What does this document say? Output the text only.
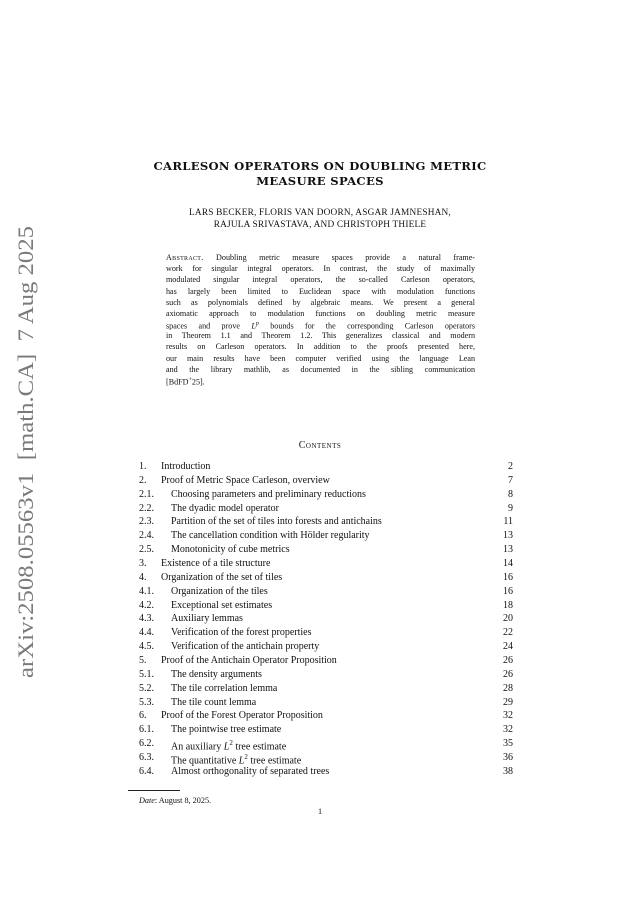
arXiv:2508.05563v1  [math.CA]  7 Aug 2025
CARLESON OPERATORS ON DOUBLING METRIC
MEASURE SPACES
LARS BECKER, FLORIS VAN DOORN, ASGAR JAMNESHAN,
RAJULA SRIVASTAVA, AND CHRISTOPH THIELE
Abstract. Doubling metric measure spaces provide a natural frame-
work for singular integral operators. In contrast, the study of maximally
modulated singular integral operators, the so-called Carleson operators,
has largely been limited to Euclidean space with modulation functions
such as polynomials defined by algebraic means. We present a general
axiomatic approach to modulation functions on doubling metric measure
spaces and prove $L^p$ bounds for the corresponding Carleson operators
in Theorem 1.1 and Theorem 1.2. This generalizes classical and modern
results on Carleson operators. In addition to the proofs presented here,
our main results have been computer verified using the language Lean
and the library mathlib, as documented in the sibling communication
[BdFD+25].
Contents
1. Introduction	2
2. Proof of Metric Space Carleson, overview	7
2.1. Choosing parameters and preliminary reductions	8
2.2. The dyadic model operator	9
2.3. Partition of the set of tiles into forests and antichains	11
2.4. The cancellation condition with Hölder regularity	13
2.5. Monotonicity of cube metrics	13
3. Existence of a tile structure	14
4. Organization of the set of tiles	16
4.1. Organization of the tiles	16
4.2. Exceptional set estimates	18
4.3. Auxiliary lemmas	20
4.4. Verification of the forest properties	22
4.5. Verification of the antichain property	24
5. Proof of the Antichain Operator Proposition	26
5.1. The density arguments	26
5.2. The tile correlation lemma	28
5.3. The tile count lemma	29
6. Proof of the Forest Operator Proposition	32
6.1. The pointwise tree estimate	32
6.2. An auxiliary $L^2$ tree estimate	35
6.3. The quantitative $L^2$ tree estimate	36
6.4. Almost orthogonality of separated trees	38
Date: August 8, 2025.
1
